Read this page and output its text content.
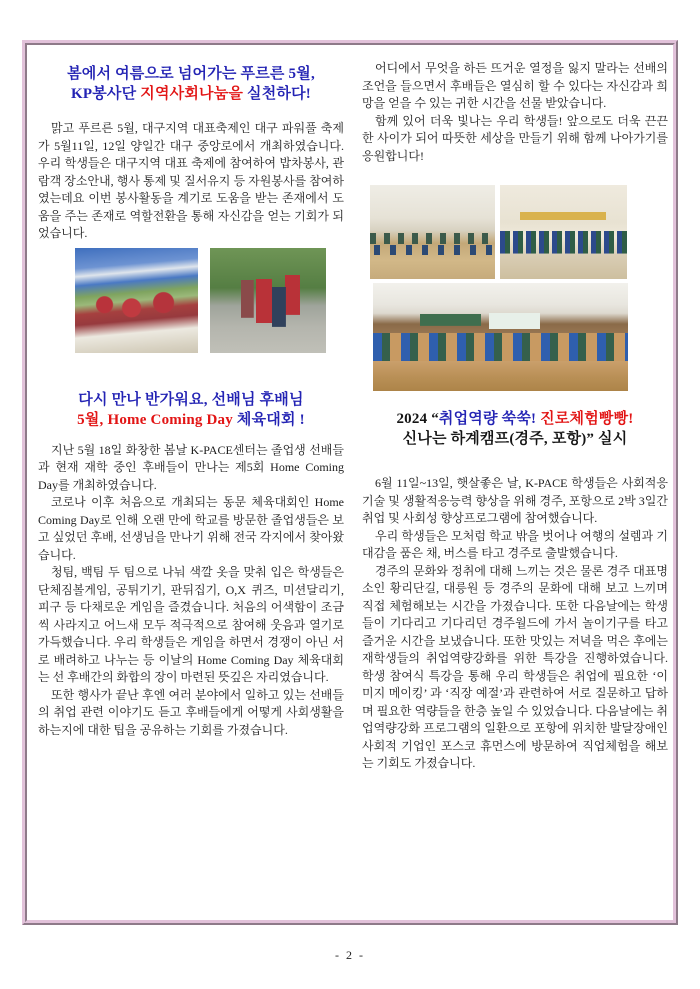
봄에서 여름으로 넘어가는 푸르른 5월,
KP봉사단 지역사회나눔을 실천하다!

맑고 푸르른 5월, 대구지역 대표축제인 대구 파워풀 축제가 5월11일, 12일 양일간 대구 중앙로에서 개최하였습니다. 우리 학생들은 대구지역 대표 축제에 참여하여 밥차봉사, 관람객 장소안내, 행사 통제 및 질서유지 등 자원봉사를 참여하였는데요 이번 봉사활동을 계기로 도움을 받는 존재에서 도움을 주는 존재로 역할전환을 통해 자신감을 얻는 기회가 되었습니다.

다시 만나 반가워요, 선배님 후배님
5월, Home Coming Day 체육대회 !

지난 5월 18일 화창한 봄날 K-PACE센터는 졸업생 선배들과 현재 재학 중인 후배들이 만나는 제5회 Home Coming Day를 개최하였습니다.

코로나 이후 처음으로 개최되는 동문 체육대회인 Home Coming Day로 인해 오랜 만에 학교를 방문한 졸업생들은 보고 싶었던 후배, 선생님을 만나기 위해 전국 각지에서 찾아왔습니다.

청팀, 백팀 두 팀으로 나눠 색깔 옷을 맞춰 입은 학생들은 단체짐볼게임, 공튀기기, 판뒤집기, O,X 퀴즈, 미션달리기, 피구 등 다채로운 게임을 즐겼습니다. 처음의 어색함이 조금씩 사라지고 어느새 모두 적극적으로 참여해 웃음과 열기로 가득했습니다. 우리 학생들은 게임을 하면서 경쟁이 아닌 서로 배려하고 나누는 등 이날의 Home Coming Day 체육대회는 선 후배간의 화합의 장이 마련된 뜻깊은 자리였습니다.

또한 행사가 끝난 후엔 여러 분야에서 일하고 있는 선배들의 취업 관련 이야기도 듣고 후배들에게 어떻게 사회생활을 하는지에 대한 팁을 공유하는 기회를 가졌습니다.

어디에서 무엇을 하든 뜨거운 열정을 잃지 말라는 선배의 조언을 들으면서 후배들은 열심히 할 수 있다는 자신감과 희망을 얻을 수 있는 귀한 시간을 선물 받았습니다.

함께 있어 더욱 빛나는 우리 학생들! 앞으로도 더욱 끈끈한 사이가 되어 따뜻한 세상을 만들기 위해 함께 나아가기를 응원합니다!

2024 “취업역량 쑥쑥! 진로체험빵빵!
신나는 하계캠프(경주, 포항)” 실시

6월 11일~13일, 햇살좋은 날, K-PACE 학생들은 사회적응기술 및 생활적응능력 향상을 위해 경주, 포항으로 2박 3일간 취업 및 사회성 향상프로그램에 참여했습니다.

우리 학생들은 모처럼 학교 밖을 벗어나 여행의 설렘과 기대감을 품은 채, 버스를 타고 경주로 출발했습니다.

경주의 문화와 정취에 대해 느끼는 것은 물론 경주 대표명소인 황리단길, 대릉원 등 경주의 문화에 대해 보고 느끼며 직접 체험해보는 시간을 가졌습니다. 또한 다음날에는 학생들이 기다리고 기다리던 경주월드에 가서 놀이기구를 타고 즐거운 시간을 보냈습니다. 또한 맛있는 저녁을 먹은 후에는 재학생들의 취업역량강화를 위한 특강을 진행하였습니다. 학생 참여식 특강을 통해 우리 학생들은 취업에 필요한 ‘이미지 메이킹’ 과 ‘직장 예절’과 관련하여 서로 질문하고 답하며 필요한 역량들을 한층 높일 수 있었습니다. 다음날에는 취업역량강화 프로그램의 일환으로 포항에 위치한 발달장애인 사회적 기업인 포스코 휴먼스에 방문하여 직업체험을 해보는 기회도 가졌습니다.

- 2 -
